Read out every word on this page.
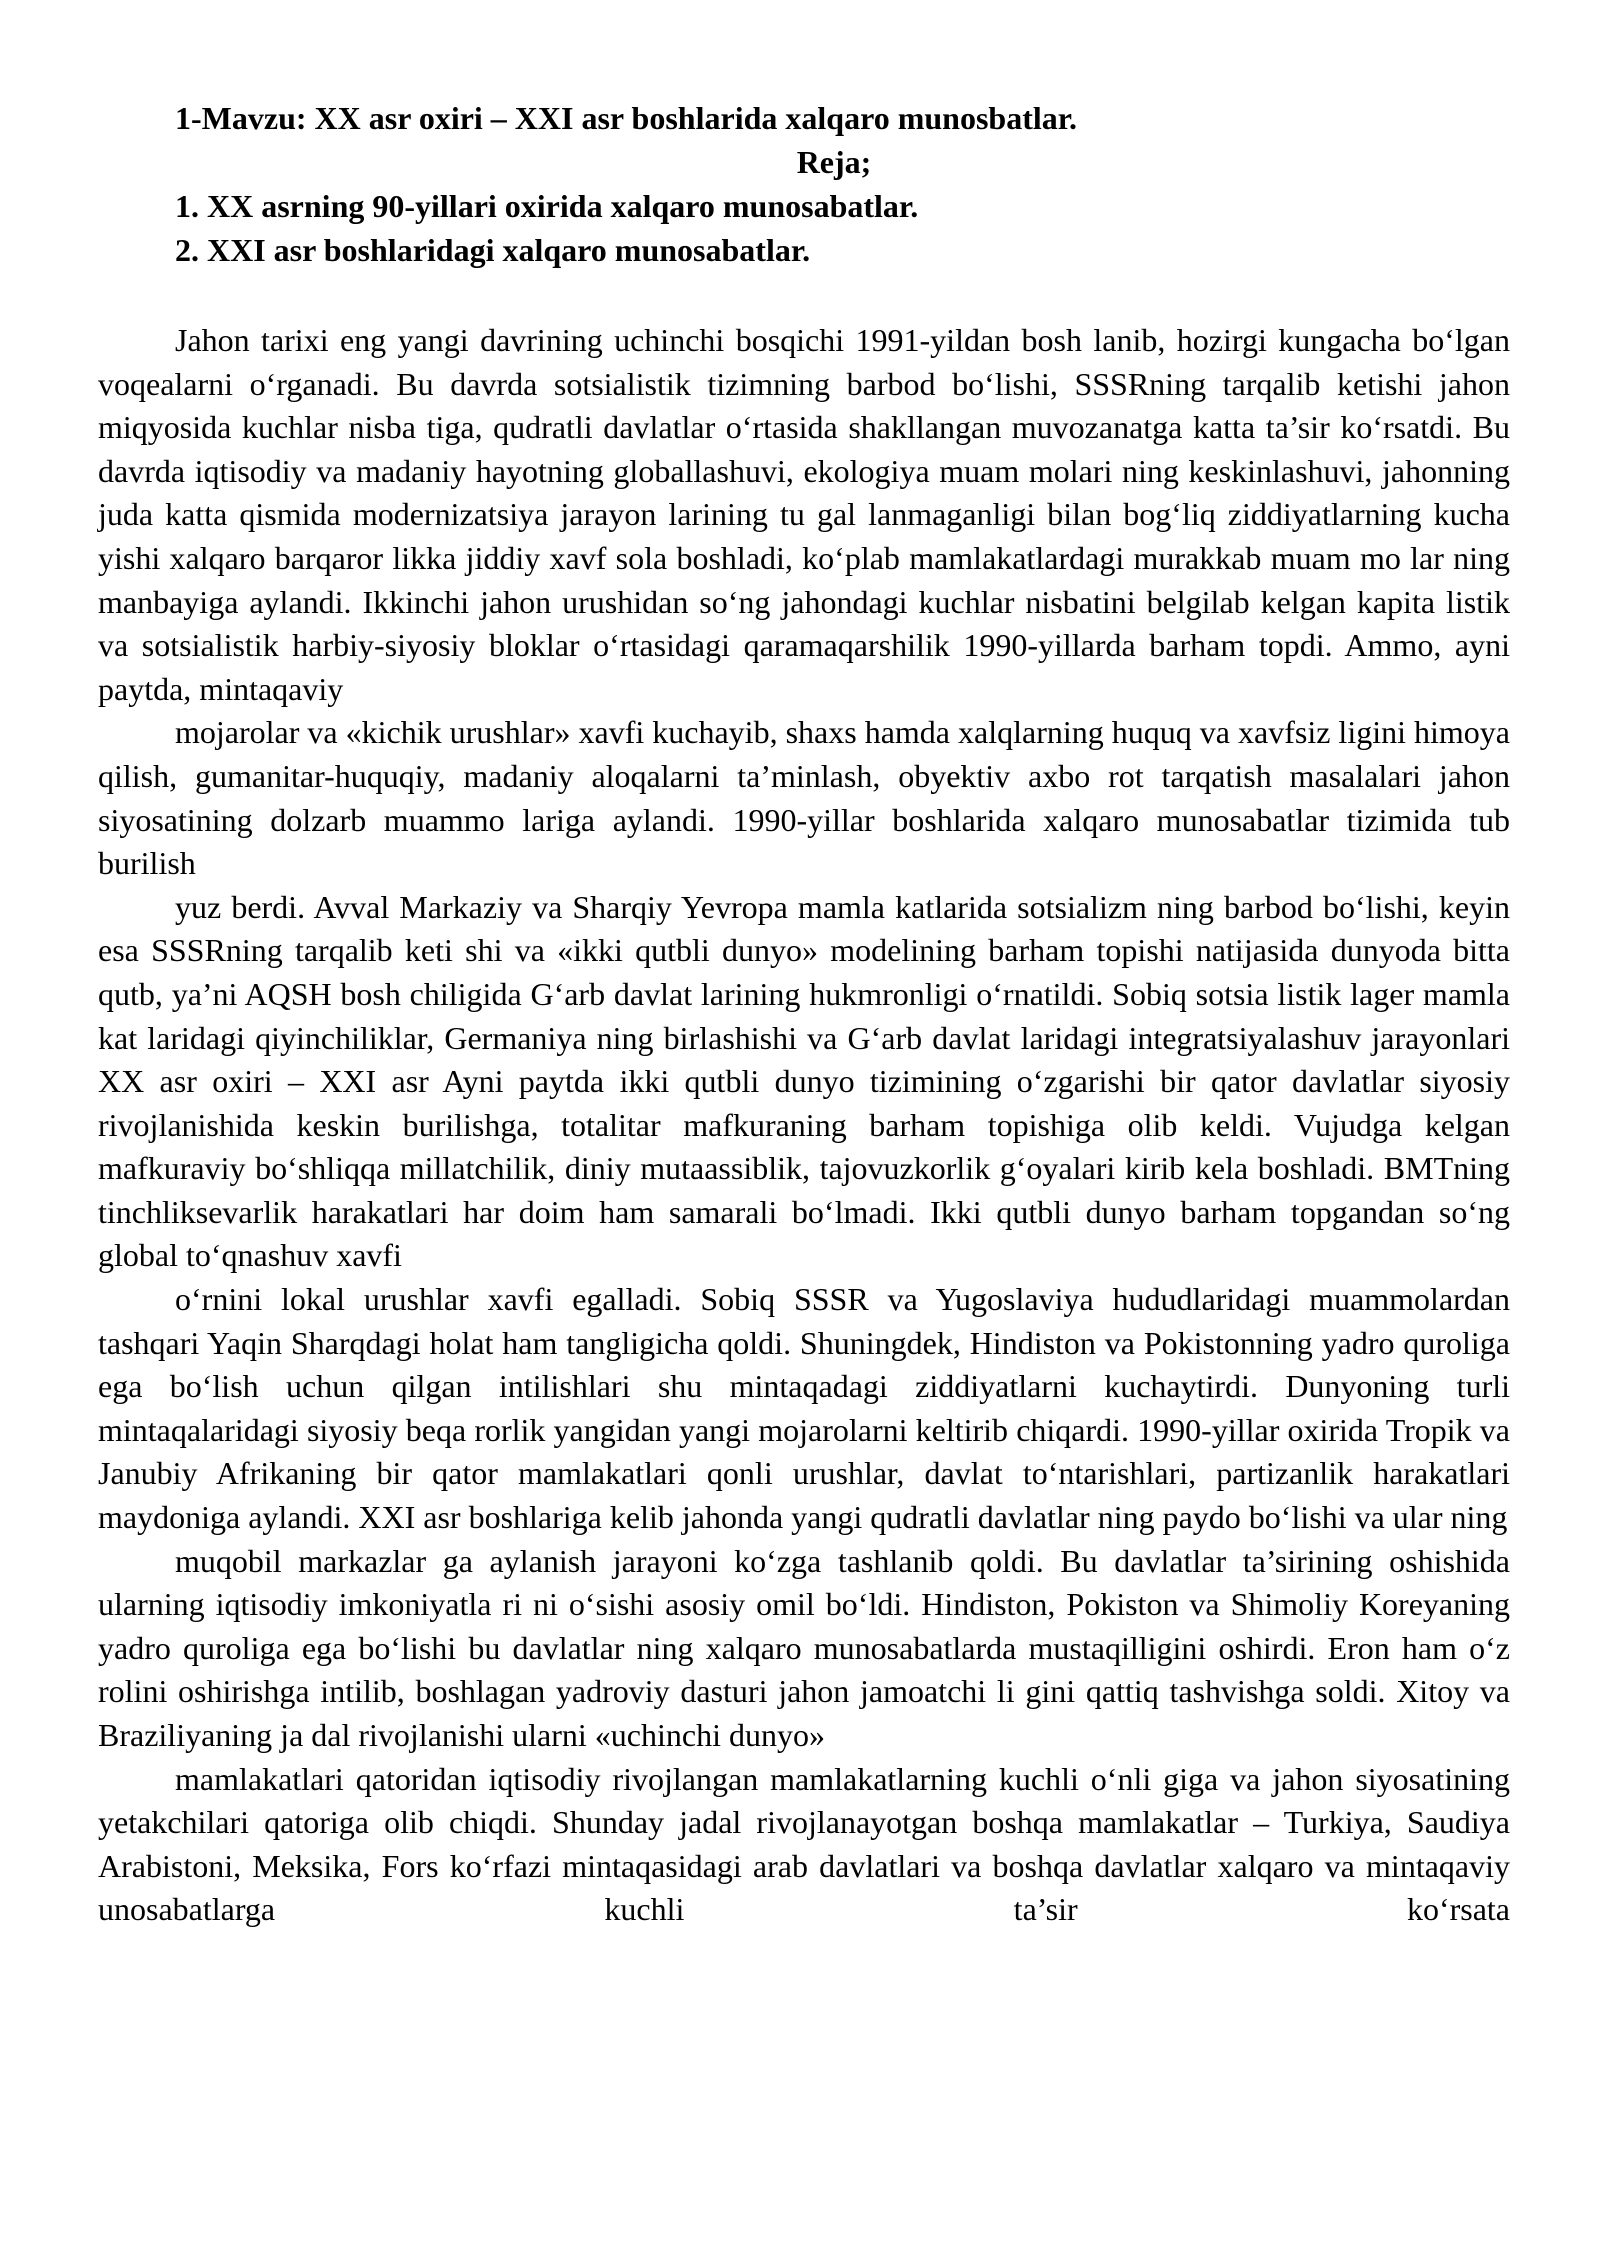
1-Mavzu: XX asr oxiri – XXI asr boshlarida xalqaro munosbatlar.
Reja;
1. XX asrning 90-yillari oxirida xalqaro munosabatlar.
2. XXI asr boshlaridagi xalqaro munosabatlar.

Jahon tarixi eng yangi davrining uchinchi bosqichi 1991-yildan bosh lanib, hozirgi kungacha bo‘lgan voqealarni o‘rganadi. Bu davrda sotsialistik tizimning barbod bo‘lishi, SSSRning tarqalib ketishi jahon miqyosida kuchlar nisba tiga, qudratli davlatlar o‘rtasida shakllangan muvozanatga katta ta’sir ko‘rsatdi. Bu davrda iqtisodiy va madaniy hayotning globallashuvi, ekologiya muam molari ning keskinlashuvi, jahonning juda katta qismida modernizatsiya jarayon larining tu gal lanmaganligi bilan bog‘liq ziddiyatlarning kucha yishi xalqaro barqaror likka jiddiy xavf sola boshladi, ko‘plab mamlakatlardagi murakkab muam mo lar ning manbayiga aylandi. Ikkinchi jahon urushidan so‘ng jahondagi kuchlar nisbatini belgilab kelgan kapita listik va sotsialistik harbiy-siyosiy bloklar o‘rtasidagi qaramaqarshilik 1990-yillarda barham topdi. Ammo, ayni paytda, mintaqaviy

mojarolar va «kichik urushlar» xavfi kuchayib, shaxs hamda xalqlarning huquq va xavfsiz ligini himoya qilish, gumanitar-huquqiy, madaniy aloqalarni ta’minlash, obyektiv axbo rot tarqatish masalalari jahon siyosatining dolzarb muammo lariga aylandi. 1990-yillar boshlarida xalqaro munosabatlar tizimida tub burilish

yuz berdi. Avval Markaziy va Sharqiy Yevropa mamla katlarida sotsializm ning barbod bo‘lishi, keyin esa SSSRning tarqalib keti shi va «ikki qutbli dunyo» modelining barham topishi natijasida dunyoda bitta qutb, ya’ni AQSH bosh chiligida G‘arb davlat larining hukmronligi o‘rnatildi. Sobiq sotsia listik lager mamla kat laridagi qiyinchiliklar, Germaniya ning birlashishi va G‘arb davlat laridagi integratsiyalashuv jarayonlari XX asr oxiri – XXI asr Ayni paytda ikki qutbli dunyo tizimining o‘zgarishi bir qator davlatlar siyosiy rivojlanishida keskin burilishga, totalitar mafkuraning barham topishiga olib keldi. Vujudga kelgan mafkuraviy bo‘shliqqa millatchilik, diniy mutaassiblik, tajovuzkorlik g‘oyalari kirib kela boshladi. BMTning tinchliksevarlik harakatlari har doim ham samarali bo‘lmadi. Ikki qutbli dunyo barham topgandan so‘ng global to‘qnashuv xavfi

o‘rnini lokal urushlar xavfi egalladi. Sobiq SSSR va Yugoslaviya hududlaridagi muammolardan tashqari Yaqin Sharqdagi holat ham tangligicha qoldi. Shuningdek, Hindiston va Pokistonning yadro quroliga ega bo‘lish uchun qilgan intilishlari shu mintaqadagi ziddiyatlarni kuchaytirdi. Dunyoning turli mintaqalaridagi siyosiy beqa rorlik yangidan yangi mojarolarni keltirib chiqardi. 1990-yillar oxirida Tropik va Janubiy Afrikaning bir qator mamlakatlari qonli urushlar, davlat to‘ntarishlari, partizanlik harakatlari maydoniga aylandi. XXI asr boshlariga kelib jahonda yangi qudratli davlatlar ning paydo bo‘lishi va ular ning

muqobil markazlar ga aylanish jarayoni ko‘zga tashlanib qoldi. Bu davlatlar ta’sirining oshishida ularning iqtisodiy imkoniyatla ri ni o‘sishi asosiy omil bo‘ldi. Hindiston, Pokiston va Shimoliy Koreyaning yadro quroliga ega bo‘lishi bu davlatlar ning xalqaro munosabatlarda mustaqilligini oshirdi. Eron ham o‘z rolini oshirishga intilib, boshlagan yadroviy dasturi jahon jamoatchi li gini qattiq tashvishga soldi. Xitoy va Braziliyaning ja dal rivojlanishi ularni «uchinchi dunyo»

mamlakatlari qatoridan iqtisodiy rivojlangan mamlakatlarning kuchli o‘nli giga va jahon siyosatining yetakchilari qatoriga olib chiqdi. Shunday jadal rivojlanayotgan boshqa mamlakatlar – Turkiya, Saudiya Arabistoni, Meksika, Fors ko‘rfazi mintaqasidagi arab davlatlari va boshqa davlatlar xalqaro va mintaqaviy unosabatlarga kuchli ta’sir ko‘rsata
